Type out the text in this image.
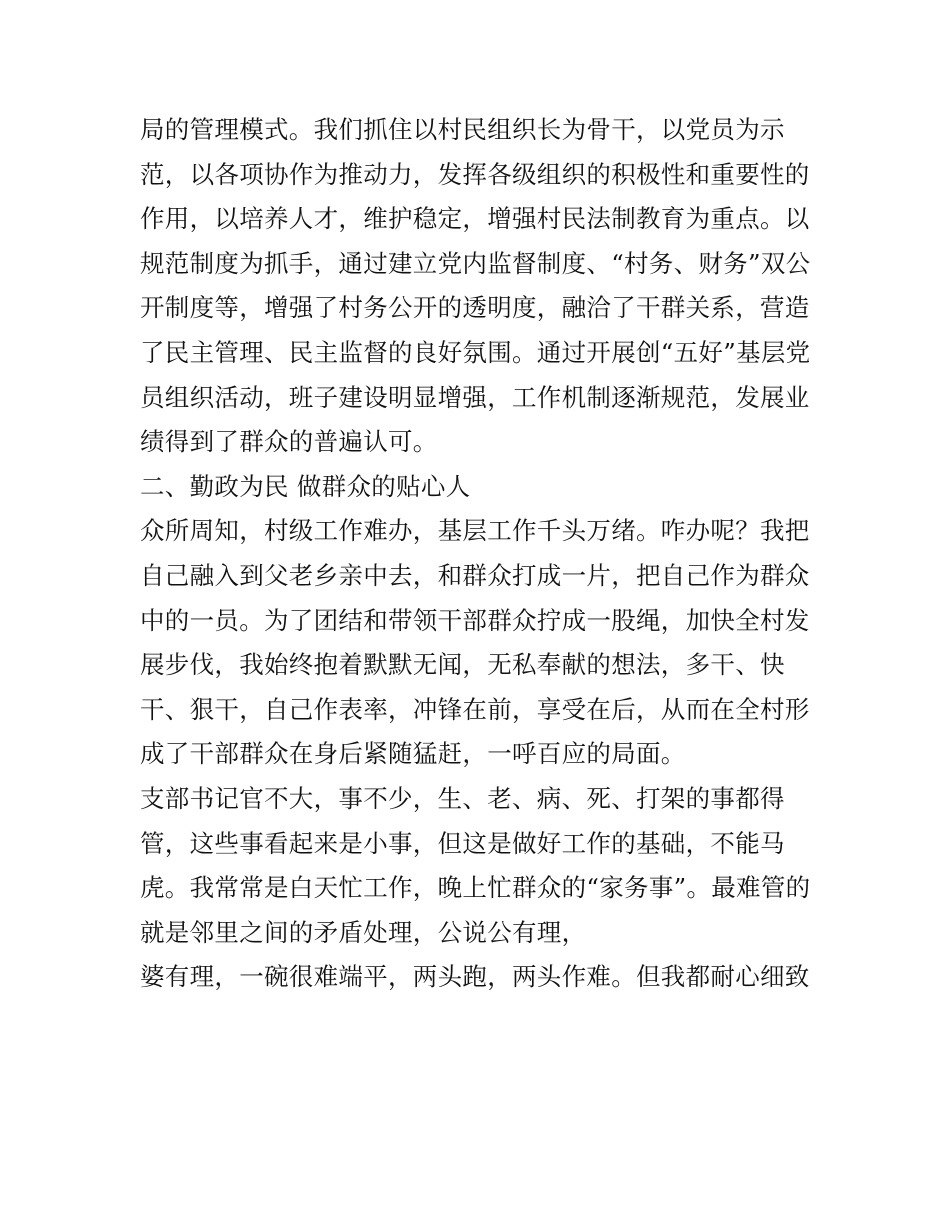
局的管理模式。我们抓住以村民组织长为骨干，以党员为示
范，以各项协作为推动力，发挥各级组织的积极性和重要性的
作用，以培养人才，维护稳定，增强村民法制教育为重点。以
规范制度为抓手，通过建立党内监督制度、“村务、财务”双公
开制度等，增强了村务公开的透明度，融洽了干群关系，营造
了民主管理、民主监督的良好氛围。通过开展创“五好”基层党
员组织活动，班子建设明显增强，工作机制逐渐规范，发展业
绩得到了群众的普遍认可。
二、勤政为民 做群众的贴心人
众所周知，村级工作难办，基层工作千头万绪。咋办呢？我把
自己融入到父老乡亲中去，和群众打成一片，把自己作为群众
中的一员。为了团结和带领干部群众拧成一股绳，加快全村发
展步伐，我始终抱着默默无闻，无私奉献的想法，多干、快
干、狠干，自己作表率，冲锋在前，享受在后，从而在全村形
成了干部群众在身后紧随猛赶，一呼百应的局面。
支部书记官不大，事不少，生、老、病、死、打架的事都得
管，这些事看起来是小事，但这是做好工作的基础，不能马
虎。我常常是白天忙工作，晚上忙群众的“家务事”。最难管的
就是邻里之间的矛盾处理，公说公有理，
婆有理，一碗很难端平，两头跑，两头作难。但我都耐心细致
